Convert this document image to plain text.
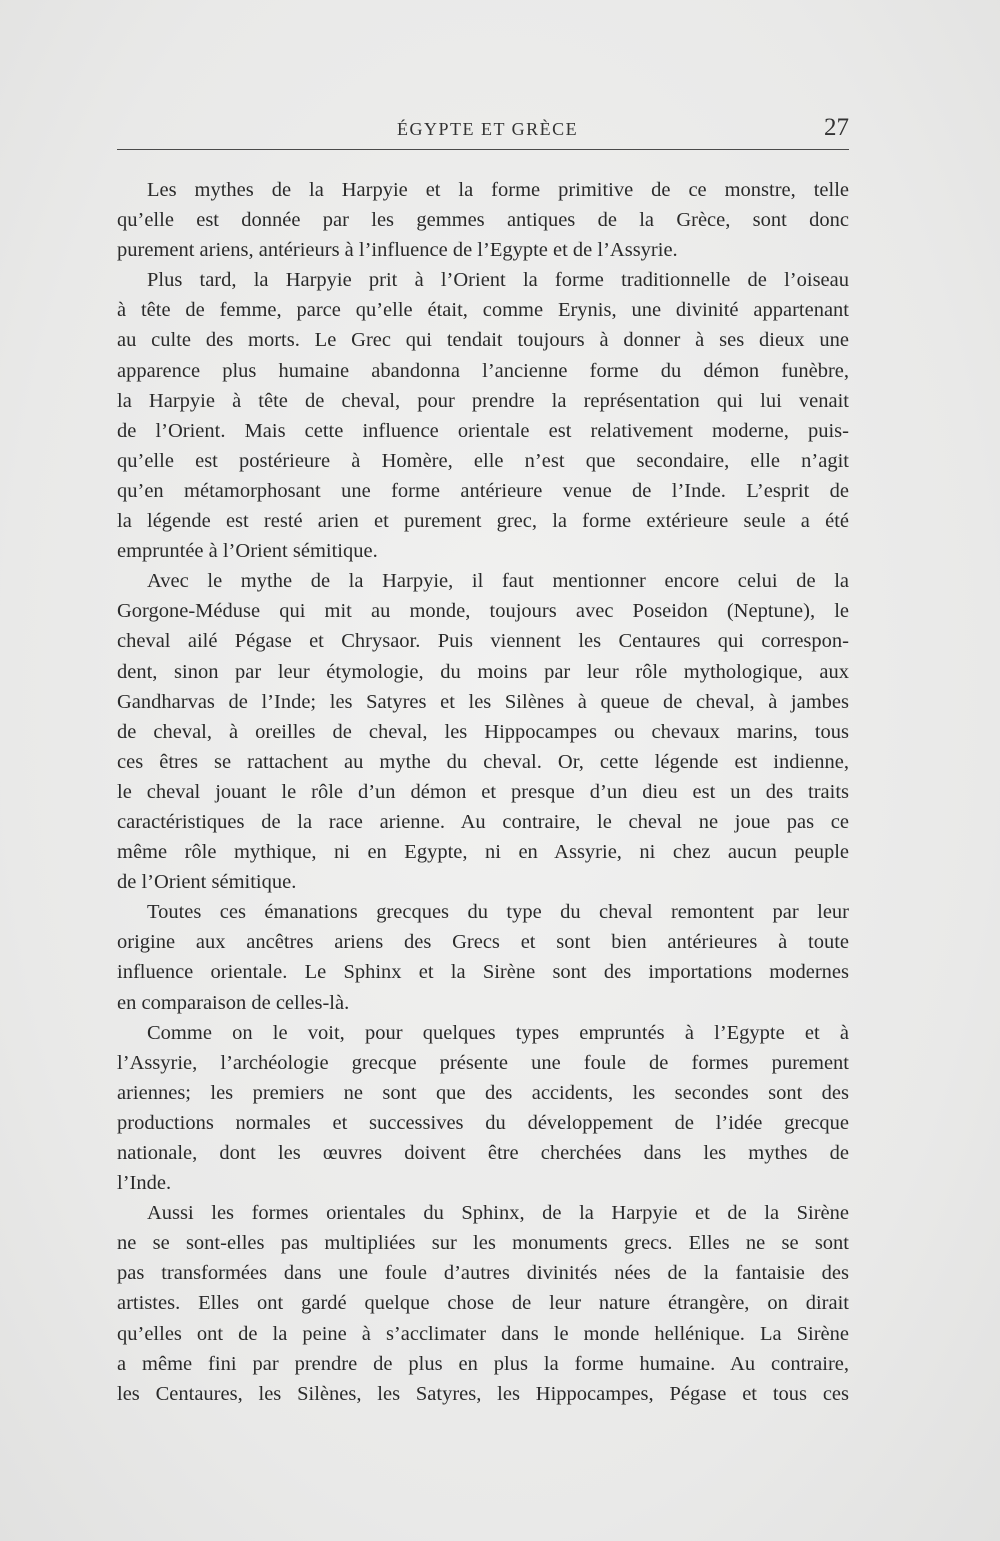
ÉGYPTE ET GRÈCE	27
Les mythes de la Harpyie et la forme primitive de ce monstre, telle
qu’elle est donnée par les gemmes antiques de la Grèce, sont donc
purement ariens, antérieurs à l’influence de l’Egypte et de l’Assyrie.
Plus tard, la Harpyie prit à l’Orient la forme traditionnelle de l’oiseau
à tête de femme, parce qu’elle était, comme Erynis, une divinité appartenant
au culte des morts. Le Grec qui tendait toujours à donner à ses dieux une
apparence plus humaine abandonna l’ancienne forme du démon funèbre,
la Harpyie à tête de cheval, pour prendre la représentation qui lui venait
de l’Orient. Mais cette influence orientale est relativement moderne, puis-
qu’elle est postérieure à Homère, elle n’est que secondaire, elle n’agit
qu’en métamorphosant une forme antérieure venue de l’Inde. L’esprit de
la légende est resté arien et purement grec, la forme extérieure seule a été
empruntée à l’Orient sémitique.
Avec le mythe de la Harpyie, il faut mentionner encore celui de la
Gorgone-Méduse qui mit au monde, toujours avec Poseidon (Neptune), le
cheval ailé Pégase et Chrysaor. Puis viennent les Centaures qui correspon-
dent, sinon par leur étymologie, du moins par leur rôle mythologique, aux
Gandharvas de l’Inde; les Satyres et les Silènes à queue de cheval, à jambes
de cheval, à oreilles de cheval, les Hippocampes ou chevaux marins, tous
ces êtres se rattachent au mythe du cheval. Or, cette légende est indienne,
le cheval jouant le rôle d’un démon et presque d’un dieu est un des traits
caractéristiques de la race arienne. Au contraire, le cheval ne joue pas ce
même rôle mythique, ni en Egypte, ni en Assyrie, ni chez aucun peuple
de l’Orient sémitique.
Toutes ces émanations grecques du type du cheval remontent par leur
origine aux ancêtres ariens des Grecs et sont bien antérieures à toute
influence orientale. Le Sphinx et la Sirène sont des importations modernes
en comparaison de celles-là.
Comme on le voit, pour quelques types empruntés à l’Egypte et à
l’Assyrie, l’archéologie grecque présente une foule de formes purement
ariennes; les premiers ne sont que des accidents, les secondes sont des
productions normales et successives du développement de l’idée grecque
nationale, dont les œuvres doivent être cherchées dans les mythes de
l’Inde.
Aussi les formes orientales du Sphinx, de la Harpyie et de la Sirène
ne se sont-elles pas multipliées sur les monuments grecs. Elles ne se sont
pas transformées dans une foule d’autres divinités nées de la fantaisie des
artistes. Elles ont gardé quelque chose de leur nature étrangère, on dirait
qu’elles ont de la peine à s’acclimater dans le monde hellénique. La Sirène
a même fini par prendre de plus en plus la forme humaine. Au contraire,
les Centaures, les Silènes, les Satyres, les Hippocampes, Pégase et tous ces
